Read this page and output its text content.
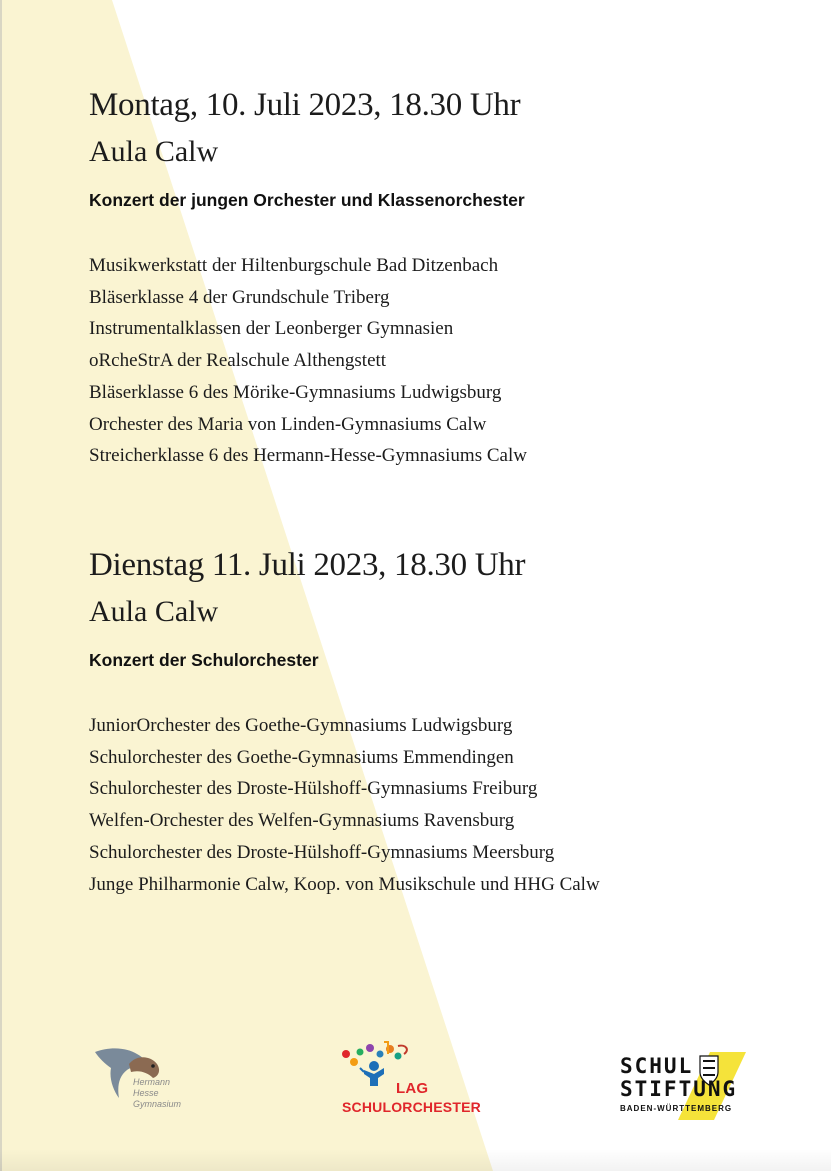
Montag, 10. Juli 2023, 18.30 Uhr
Aula Calw
Konzert der jungen Orchester und Klassenorchester
Musikwerkstatt der Hiltenburgschule Bad Ditzenbach
Bläserklasse 4 der Grundschule Triberg
Instrumentalklassen der Leonberger Gymnasien
oRcheStrA der Realschule Althengstett
Bläserklasse 6 des Mörike-Gymnasiums Ludwigsburg
Orchester des Maria von Linden-Gymnasiums Calw
Streicherklasse 6 des Hermann-Hesse-Gymnasiums Calw
Dienstag 11. Juli 2023, 18.30 Uhr
Aula Calw
Konzert der Schulorchester
JuniorOrchester des Goethe-Gymnasiums Ludwigsburg
Schulorchester des Goethe-Gymnasiums Emmendingen
Schulorchester des Droste-Hülshoff-Gymnasiums Freiburg
Welfen-Orchester des Welfen-Gymnasiums Ravensburg
Schulorchester des Droste-Hülshoff-Gymnasiums Meersburg
Junge Philharmonie Calw, Koop. von Musikschule und HHG Calw
Hermann
Hesse
Gymnasium
LAG
SCHULORCHESTER
SCHUL
STIFTUNG
BADEN-WÜRTTEMBERG
